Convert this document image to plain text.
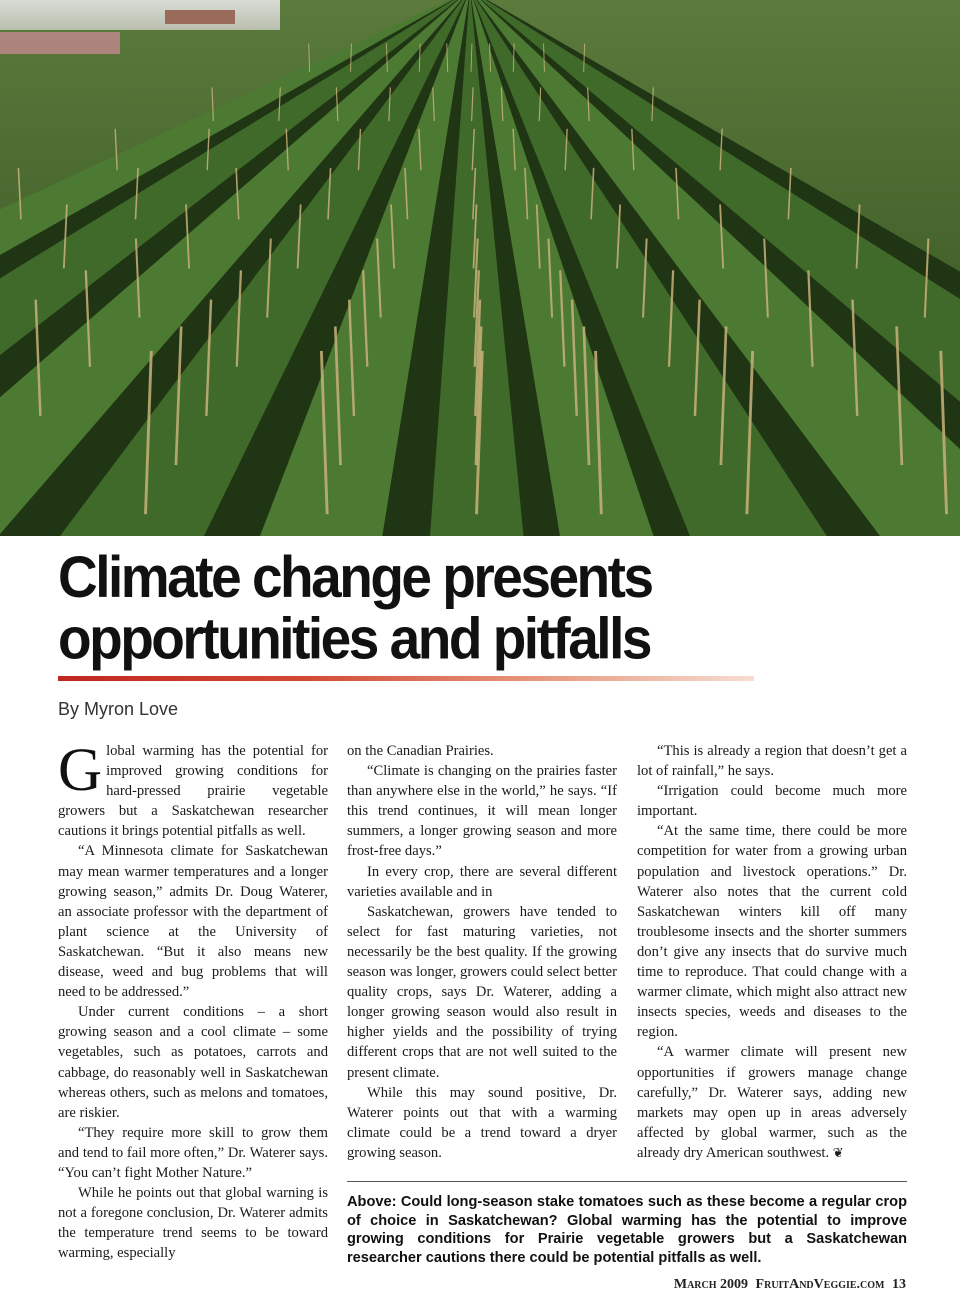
Climate change presents
opportunities and pitfalls
By Myron Love

Global warming has the potential for improved growing conditions for hard-pressed prairie vegetable growers but a Saskatchewan researcher cautions it brings potential pitfalls as well.

“A Minnesota climate for Saskatchewan may mean warmer temperatures and a longer growing season,” admits Dr. Doug Waterer, an associate professor with the department of plant science at the University of Saskatchewan. “But it also means new disease, weed and bug problems that will need to be addressed.”

Under current conditions – a short growing season and a cool climate – some vegetables, such as potatoes, carrots and cabbage, do reasonably well in Saskatchewan whereas others, such as melons and tomatoes, are riskier.

“They require more skill to grow them and tend to fail more often,” Dr. Waterer says. “You can’t fight Mother Nature.”

While he points out that global warning is not a foregone conclusion, Dr. Waterer admits the temperature trend seems to be toward warming, especially

on the Canadian Prairies.

“Climate is changing on the prairies faster than anywhere else in the world,” he says. “If this trend continues, it will mean longer summers, a longer growing season and more frost-free days.”

In every crop, there are several different varieties available and in

Saskatchewan, growers have tended to select for fast maturing varieties, not necessarily be the best quality. If the growing season was longer, growers could select better quality crops, says Dr. Waterer, adding a longer growing season would also result in higher yields and the possibility of trying different crops that are not well suited to the present climate.

While this may sound positive, Dr. Waterer points out that with a warming climate could be a trend toward a dryer growing season.

“This is already a region that doesn’t get a lot of rainfall,” he says.

“Irrigation could become much more important.

“At the same time, there could be more competition for water from a growing urban population and livestock operations.” Dr. Waterer also notes that the current cold Saskatchewan winters kill off many troublesome insects and the shorter summers don’t give any insects that do survive much time to reproduce. That could change with a warmer climate, which might also attract new insects species, weeds and diseases to the region.

“A warmer climate will present new opportunities if growers manage change carefully,” Dr. Waterer says, adding new markets may open up in areas adversely affected by global warmer, such as the already dry American southwest. ❦

Above: Could long-season stake tomatoes such as these become a regular crop of choice in Saskatchewan? Global warming has the potential to improve growing conditions for Prairie vegetable growers but a Saskatchewan researcher cautions there could be potential pitfalls as well.
March 2009 FruitAndVeggie.com 13
